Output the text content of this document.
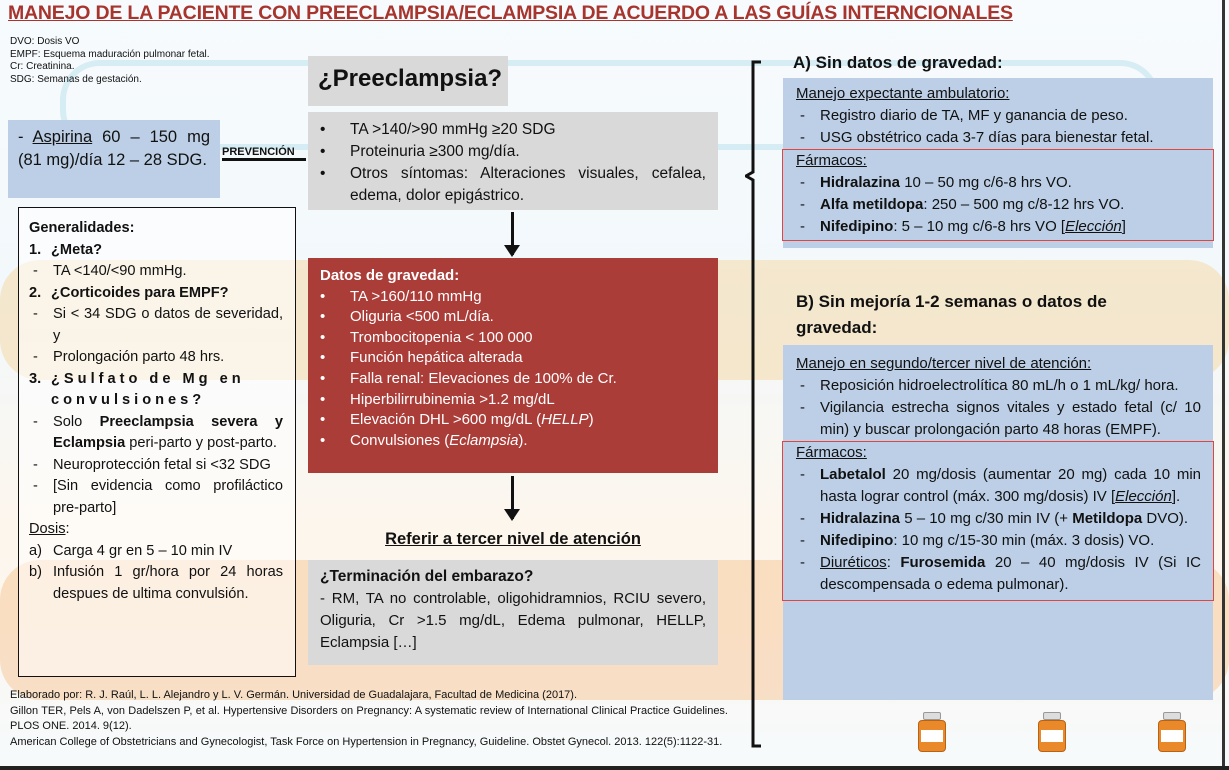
MANEJO DE LA PACIENTE CON PREECLAMPSIA/ECLAMPSIA DE ACUERDO A LAS GUÍAS INTERNCIONALES
DVO: Dosis VO
EMPF: Esquema maduración pulmonar fetal.
Cr: Creatinina.
SDG: Semanas de gestación.
- Aspirina 60 – 150 mg (81 mg)/día 12 – 28 SDG.	PREVENCIÓN
¿Preeclampsia?
• TA >140/>90 mmHg ≥20 SDG
• Proteinuria ≥300 mg/día.
• Otros síntomas: Alteraciones visuales, cefalea, edema, dolor epigástrico.
Datos de gravedad:
• TA >160/110 mmHg
• Oliguria <500 mL/día.
• Trombocitopenia < 100 000
• Función hepática alterada
• Falla renal: Elevaciones de 100% de Cr.
• Hiperbilirrubinemia >1.2 mg/dL
• Elevación DHL >600 mg/dL (HELLP)
• Convulsiones (Eclampsia).
Referir a tercer nivel de atención
¿Terminación del embarazo?

- RM, TA no controlable, oligohidramnios, RCIU severo, Oliguria, Cr >1.5 mg/dL, Edema pulmonar, HELLP, Eclampsia […]

Generalidades:
1. ¿Meta?
- TA <140/<90 mmHg.
2. ¿Corticoides para EMPF?
- Si < 34 SDG o datos de severidad, y
- Prolongación parto 48 hrs.
3. ¿Sulfato de Mg en convulsiones?
- Solo Preeclampsia severa y Eclampsia peri-parto y post-parto.
- Neuroprotección fetal si <32 SDG
- [Sin evidencia como profiláctico pre-parto]
Dosis:
a) Carga 4 gr en 5 – 10 min IV
b) Infusión 1 gr/hora por 24 horas despues de ultima convulsión.
Elaborado por: R. J. Raúl, L. L. Alejandro y L. V. Germán. Universidad de Guadalajara, Facultad de Medicina (2017).
Gillon TER, Pels A, von Dadelszen P, et al. Hypertensive Disorders on Pregnancy: A systematic review of International Clinical Practice Guidelines. PLOS ONE. 2014. 9(12).
American College of Obstetricians and Gynecologist, Task Force on Hypertension in Pregnancy, Guideline. Obstet Gynecol. 2013. 122(5):1122-31.
A) Sin datos de gravedad:
Manejo expectante ambulatorio:
- Registro diario de TA, MF y ganancia de peso.
- USG obstétrico cada 3-7 días para bienestar fetal.
Fármacos:
- Hidralazina 10 – 50 mg c/6-8 hrs VO.
- Alfa metildopa: 250 – 500 mg c/8-12 hrs VO.
- Nifedipino: 5 – 10 mg c/6-8 hrs VO [Elección]
B) Sin mejoría 1-2 semanas o datos de gravedad:
Manejo en segundo/tercer nivel de atención:
- Reposición hidroelectrolítica 80 mL/h o 1 mL/kg/ hora.
- Vigilancia estrecha signos vitales y estado fetal (c/ 10 min) y buscar prolongación parto 48 horas (EMPF).
Fármacos:
- Labetalol 20 mg/dosis (aumentar 20 mg) cada 10 min hasta lograr control (máx. 300 mg/dosis) IV [Elección].
- Hidralazina 5 – 10 mg c/30 min IV (+ Metildopa DVO).
- Nifedipino: 10 mg c/15-30 min (máx. 3 dosis) VO.
- Diuréticos: Furosemida 20 – 40 mg/dosis IV (Si IC descompensada o edema pulmonar).
